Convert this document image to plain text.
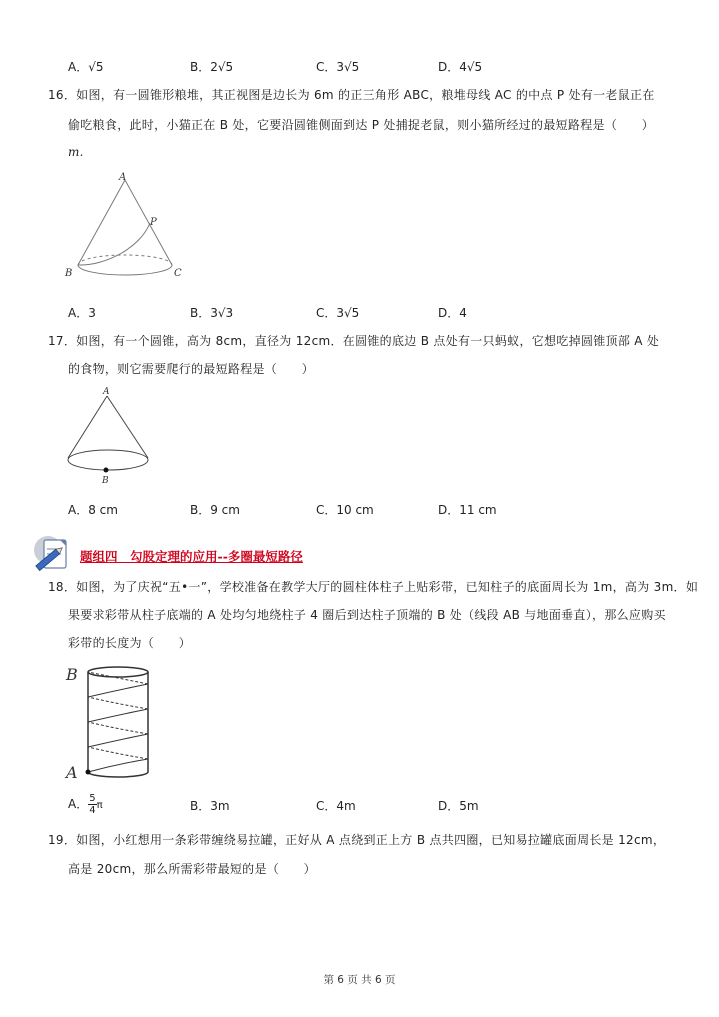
A．√5	B．2√5	C．3√5	D．4√5
16．如图，有一圆锥形粮堆，其正视图是边长为 6m 的正三角形 ABC，粮堆母线 AC 的中点 P 处有一老鼠正在
偷吃粮食，此时，小猫正在 B 处，它要沿圆锥侧面到达 P 处捕捉老鼠，则小猫所经过的最短路程是（　　）
m.
A
P
B	C
A．3	B．3√3	C．3√5	D．4
17．如图，有一个圆锥，高为 8cm，直径为 12cm．在圆锥的底边 B 点处有一只蚂蚁，它想吃掉圆锥顶部 A 处
的食物，则它需要爬行的最短路程是（　　）
A
B
A．8 cm	B．9 cm	C．10 cm	D．11 cm
题组四　勾股定理的应用--多圈最短路径
18．如图，为了庆祝“五•一”，学校准备在教学大厅的圆柱体柱子上贴彩带，已知柱子的底面周长为 1m，高为 3m．如
果要求彩带从柱子底端的 A 处均匀地绕柱子 4 圈后到达柱子顶端的 B 处（线段 AB 与地面垂直），那么应购买
彩带的长度为（　　）
B
A
A． $\frac{5}{4}$ π	B．3m	C．4m	D．5m
19．如图，小红想用一条彩带缠绕易拉罐，正好从 A 点绕到正上方 B 点共四圈，已知易拉罐底面周长是 12cm，
高是 20cm，那么所需彩带最短的是（　　）
第 6 页 共 6 页
